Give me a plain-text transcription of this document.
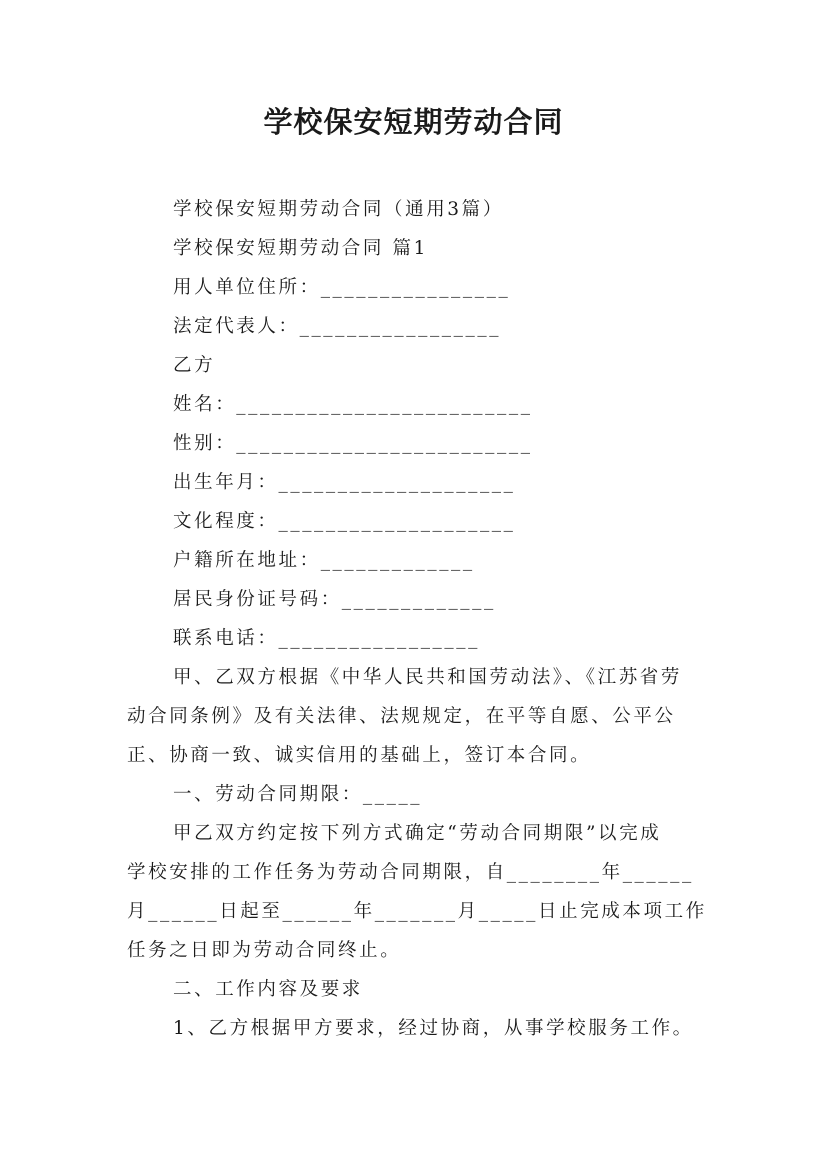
学校保安短期劳动合同
学校保安短期劳动合同（通用3篇）
学校保安短期劳动合同 篇1
用人单位住所：________________
法定代表人：_________________
乙方
姓名：_________________________
性别：_________________________
出生年月：____________________
文化程度：____________________
户籍所在地址：_____________
居民身份证号码：_____________
联系电话：_________________
甲、乙双方根据《中华人民共和国劳动法》、《江苏省劳
动合同条例》及有关法律、法规规定，在平等自愿、公平公
正、协商一致、诚实信用的基础上，签订本合同。
一、劳动合同期限：_____
甲乙双方约定按下列方式确定“劳动合同期限”以完成
学校安排的工作任务为劳动合同期限，自________年______
月______日起至______年_______月_____日止完成本项工作
任务之日即为劳动合同终止。
二、工作内容及要求
1、乙方根据甲方要求，经过协商，从事学校服务工作。
